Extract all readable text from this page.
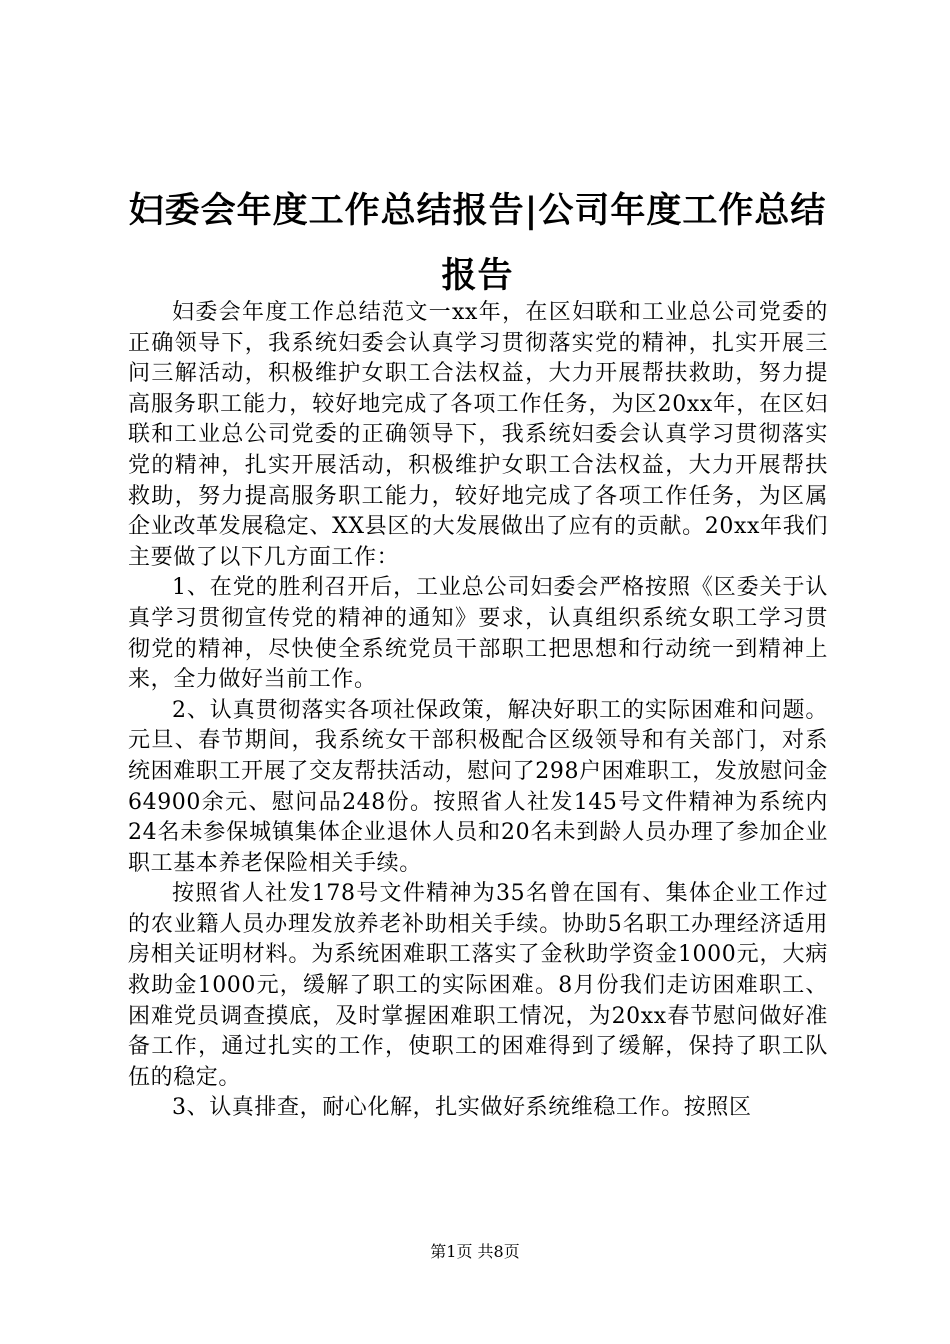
妇委会年度工作总结报告|公司年度工作总结报告

妇委会年度工作总结范文一xx年，在区妇联和工业总公司党委的正确领导下，我系统妇委会认真学习贯彻落实党的精神，扎实开展三问三解活动，积极维护女职工合法权益，大力开展帮扶救助，努力提高服务职工能力，较好地完成了各项工作任务，为区20xx年，在区妇联和工业总公司党委的正确领导下，我系统妇委会认真学习贯彻落实党的精神，扎实开展活动，积极维护女职工合法权益，大力开展帮扶救助，努力提高服务职工能力，较好地完成了各项工作任务，为区属企业改革发展稳定、XX县区的大发展做出了应有的贡献。20xx年我们主要做了以下几方面工作：

1、在党的胜利召开后，工业总公司妇委会严格按照《区委关于认真学习贯彻宣传党的精神的通知》要求，认真组织系统女职工学习贯彻党的精神，尽快使全系统党员干部职工把思想和行动统一到精神上来，全力做好当前工作。

2、认真贯彻落实各项社保政策，解决好职工的实际困难和问题。元旦、春节期间，我系统女干部积极配合区级领导和有关部门，对系统困难职工开展了交友帮扶活动，慰问了298户困难职工，发放慰问金64900余元、慰问品248份。按照省人社发145号文件精神为系统内24名未参保城镇集体企业退休人员和20名未到龄人员办理了参加企业职工基本养老保险相关手续。

按照省人社发178号文件精神为35名曾在国有、集体企业工作过的农业籍人员办理发放养老补助相关手续。协助5名职工办理经济适用房相关证明材料。为系统困难职工落实了金秋助学资金1000元，大病救助金1000元，缓解了职工的实际困难。8月份我们走访困难职工、困难党员调查摸底，及时掌握困难职工情况，为20xx春节慰问做好准备工作，通过扎实的工作，使职工的困难得到了缓解，保持了职工队伍的稳定。

3、认真排查，耐心化解，扎实做好系统维稳工作。按照区

第1页 共8页
